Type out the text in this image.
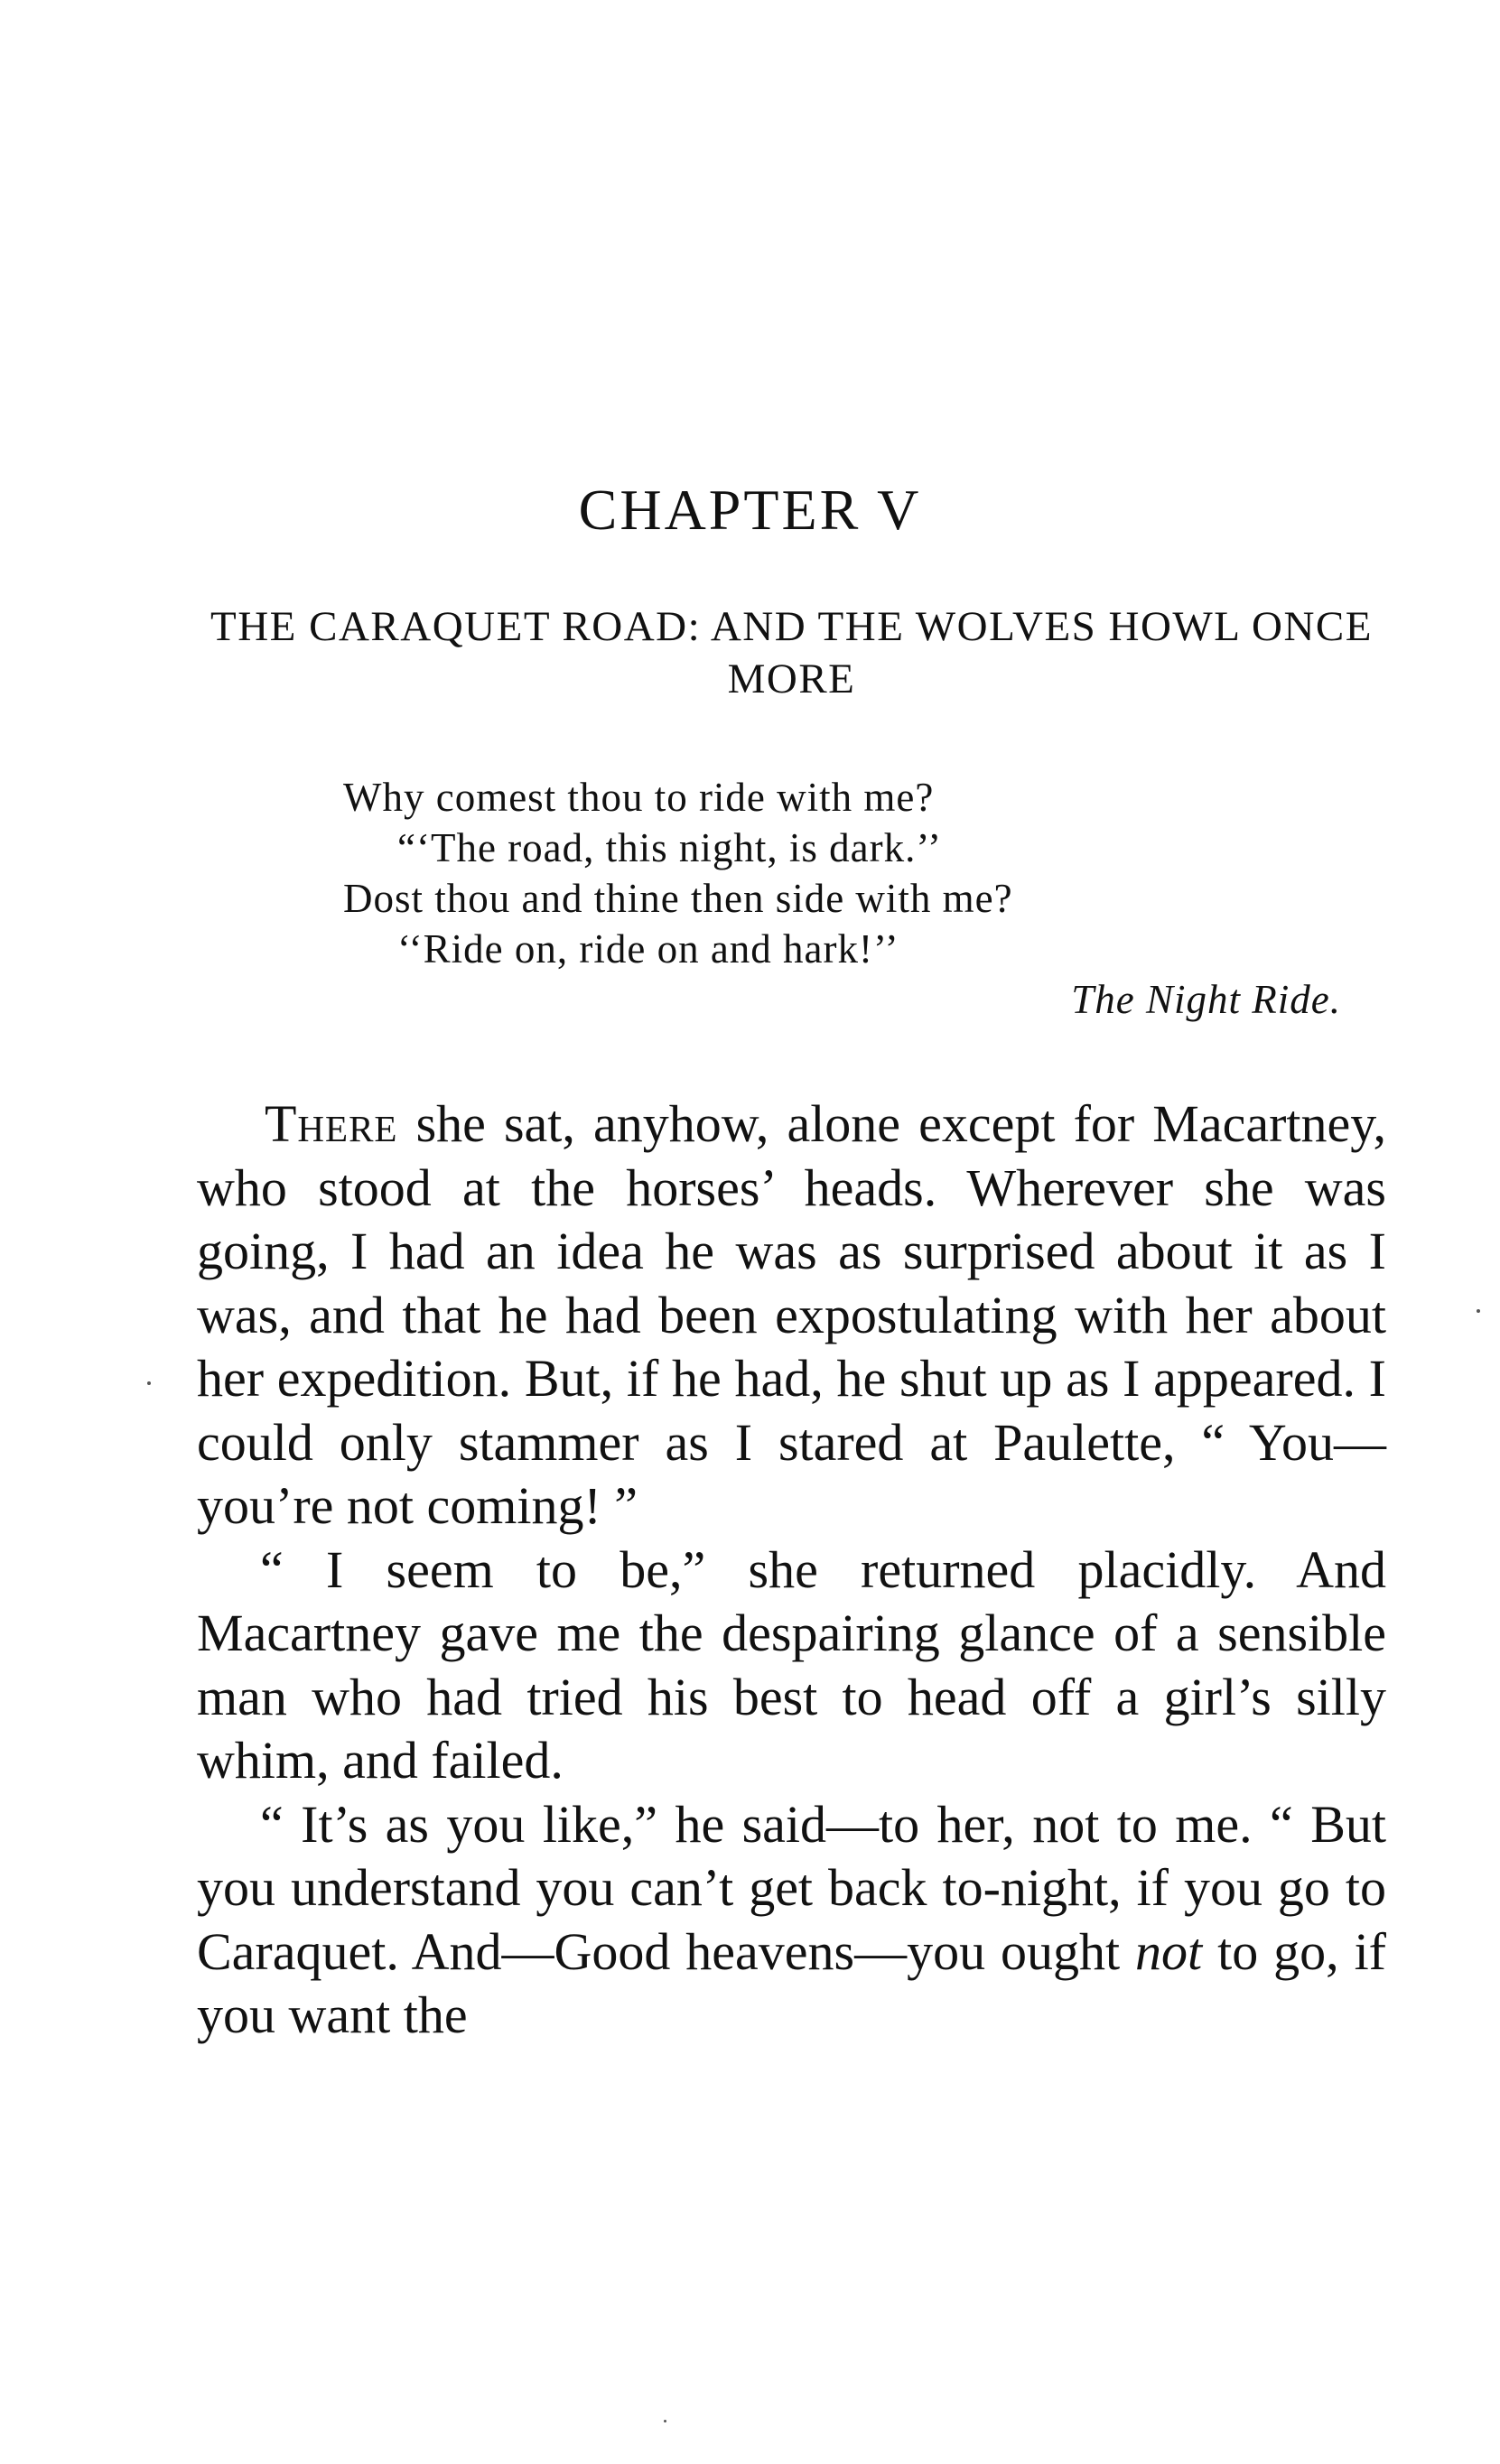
CHAPTER V
THE CARAQUET ROAD: AND THE WOLVES HOWL ONCE MORE
Why comest thou to ride with me?
“‘The road, this night, is dark.’’
Dost thou and thine then side with me?
‘‘Ride on, ride on and hark!’’
The Night Ride.

There she sat, anyhow, alone except for Macartney, who stood at the horses’ heads. Wherever she was going, I had an idea he was as surprised about it as I was, and that he had been expostulating with her about her expedition. But, if he had, he shut up as I appeared. I could only stammer as I stared at Paulette, “ You—you’re not coming! ”

“ I seem to be,” she returned placidly. And Macartney gave me the despairing glance of a sensible man who had tried his best to head off a girl’s silly whim, and failed.

“ It’s as you like,” he said—to her, not to me. “ But you understand you can’t get back to-night, if you go to Caraquet. And—Good heavens—you ought not to go, if you want the
